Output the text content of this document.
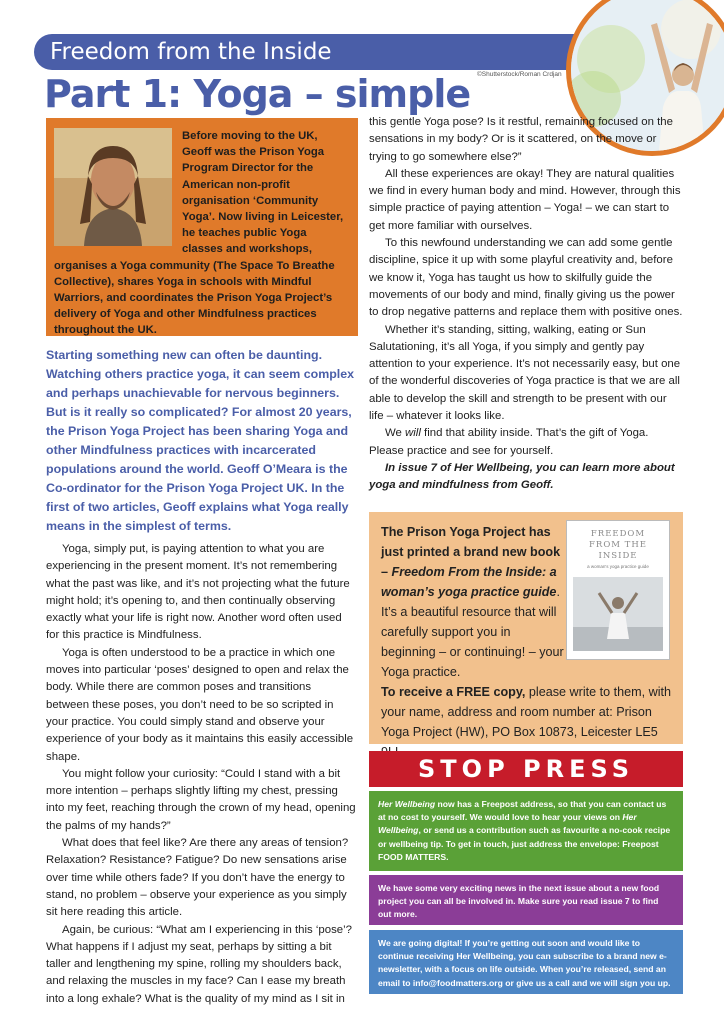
Freedom from the Inside
©Shutterstock/Roman Crdjan
Part 1: Yoga – simple

Before moving to the UK, Geoff was the Prison Yoga Program Director for the American non-profit organisation ‘Community Yoga’. Now living in Leicester, he teaches public Yoga classes and workshops, organises a Yoga community (The Space To Breathe Collective), shares Yoga in schools with Mindful Warriors, and coordinates the Prison Yoga Project’s delivery of Yoga and other Mindfulness practices throughout the UK.

Starting something new can often be daunting. Watching others practice yoga, it can seem complex and perhaps unachievable for nervous beginners. But is it really so complicated? For almost 20 years, the Prison Yoga Project has been sharing Yoga and other Mindfulness practices with incarcerated populations around the world. Geoff O’Meara is the Co-ordinator for the Prison Yoga Project UK. In the first of two articles, Geoff explains what Yoga really means in the simplest of terms.

Yoga, simply put, is paying attention to what you are experiencing in the present moment. It’s not remembering what the past was like, and it’s not projecting what the future might hold; it’s opening to, and then continually observing exactly what your life is right now. Another word often used for this practice is Mindfulness.

Yoga is often understood to be a practice in which one moves into particular ‘poses’ designed to open and relax the body. While there are common poses and transitions between these poses, you don’t need to be so scripted in your practice. You could simply stand and observe your experience of your body as it maintains this easily accessible shape.

You might follow your curiosity: “Could I stand with a bit more intention – perhaps slightly lifting my chest, pressing into my feet, reaching through the crown of my head, opening the palms of my hands?”

What does that feel like? Are there any areas of tension? Relaxation? Resistance? Fatigue? Do new sensations arise over time while others fade? If you don’t have the energy to stand, no problem – observe your experience as you simply sit here reading this article.

Again, be curious: “What am I experiencing in this ‘pose’? What happens if I adjust my seat, perhaps by sitting a bit taller and lengthening my spine, rolling my shoulders back, and relaxing the muscles in my face? Can I ease my breath into a long exhale? What is the quality of my mind as I sit in

this gentle Yoga pose? Is it restful, remaining focused on the sensations in my body? Or is it scattered, on the move or trying to go somewhere else?”

All these experiences are okay! They are natural qualities we find in every human body and mind. However, through this simple practice of paying attention – Yoga! – we can start to get more familiar with ourselves.

To this newfound understanding we can add some gentle discipline, spice it up with some playful creativity and, before we know it, Yoga has taught us how to skilfully guide the movements of our body and mind, finally giving us the power to drop negative patterns and replace them with positive ones.

Whether it’s standing, sitting, walking, eating or Sun Salutationing, it’s all Yoga, if you simply and gently pay attention to your experience. It’s not necessarily easy, but one of the wonderful discoveries of Yoga practice is that we are all able to develop the skill and strength to be present with our life – whatever it looks like.

We will find that ability inside. That’s the gift of Yoga. Please practice and see for yourself.

In issue 7 of Her Wellbeing, you can learn more about yoga and mindfulness from Geoff.

The Prison Yoga Project has just printed a brand new book – Freedom From the Inside: a woman’s yoga practice guide. It’s a beautiful resource that will carefully support you in beginning – or continuing! – your Yoga practice.

To receive a FREE copy, please write to them, with your name, address and room number at: Prison Yoga Project (HW), PO Box 10873, Leicester LE5

FREEDOM FROM THE INSIDE
a woman's yoga practice guide
STOP PRESS
Her Wellbeing now has a Freepost address, so that you can contact us at no cost to yourself. We would love to hear your views on Her Wellbeing, or send us a contribution such as favourite a no-cook recipe or wellbeing tip. To get in touch, just address the envelope: Freepost FOOD MATTERS.
We have some very exciting news in the next issue about a new food project you can all be involved in. Make sure you read issue 7 to find out more.
We are going digital! If you’re getting out soon and would like to continue receiving Her Wellbeing, you can subscribe to a brand new e-newsletter, with a focus on life outside. When you’re released, send an email to info@foodmatters.org or give us a call and we will sign you up.
